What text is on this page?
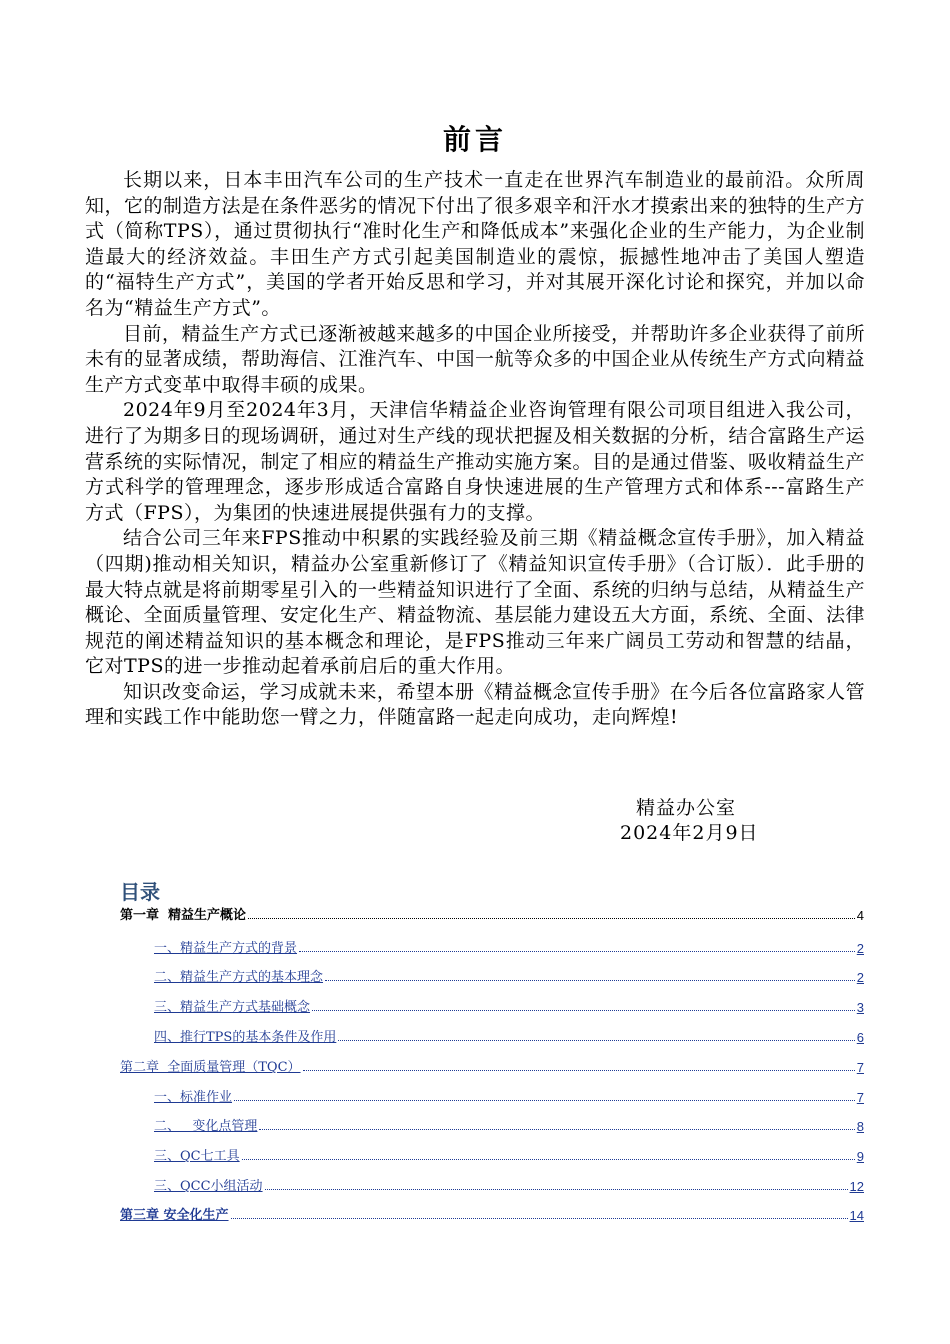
前言

长期以来，日本丰田汽车公司的生产技术一直走在世界汽车制造业的最前沿。众所周知，它的制造方法是在条件恶劣的情况下付出了很多艰辛和汗水才摸索出来的独特的生产方式（简称TPS），通过贯彻执行“准时化生产和降低成本”来强化企业的生产能力，为企业制造最大的经济效益。丰田生产方式引起美国制造业的震惊，振撼性地冲击了美国人塑造的“福特生产方式”，美国的学者开始反思和学习，并对其展开深化讨论和探究，并加以命名为“精益生产方式”。

目前，精益生产方式已逐渐被越来越多的中国企业所接受，并帮助许多企业获得了前所未有的显著成绩，帮助海信、江淮汽车、中国一航等众多的中国企业从传统生产方式向精益生产方式变革中取得丰硕的成果。

2024年9月至2024年3月，天津信华精益企业咨询管理有限公司项目组进入我公司，进行了为期多日的现场调研，通过对生产线的现状把握及相关数据的分析，结合富路生产运营系统的实际情况，制定了相应的精益生产推动实施方案。目的是通过借鉴、吸收精益生产方式科学的管理理念，逐步形成适合富路自身快速进展的生产管理方式和体系---富路生产方式（FPS），为集团的快速进展提供强有力的支撑。

结合公司三年来FPS推动中积累的实践经验及前三期《精益概念宣传手册》，加入精益（四期)推动相关知识，精益办公室重新修订了《精益知识宣传手册》（合订版）．此手册的最大特点就是将前期零星引入的一些精益知识进行了全面、系统的归纳与总结，从精益生产概论、全面质量管理、安定化生产、精益物流、基层能力建设五大方面，系统、全面、法律规范的阐述精益知识的基本概念和理论，是FPS推动三年来广阔员工劳动和智慧的结晶，它对TPS的进一步推动起着承前启后的重大作用。

知识改变命运，学习成就未来，希望本册《精益概念宣传手册》在今后各位富路家人管理和实践工作中能助您一臂之力，伴随富路一起走向成功，走向辉煌!

精益办公室
2024年2月9日
目录
第一章  精益生产概论	4
一、精益生产方式的背景	2
二、精益生产方式的基本理念	2
三、精益生产方式基础概念	3
四、推行TPS的基本条件及作用	6
第二章  全面质量管理（TQC）	7
一、标准作业	7
二、   变化点管理	8
三、QC七工具	9
三、QCC小组活动	12
第三章 安全化生产	14
